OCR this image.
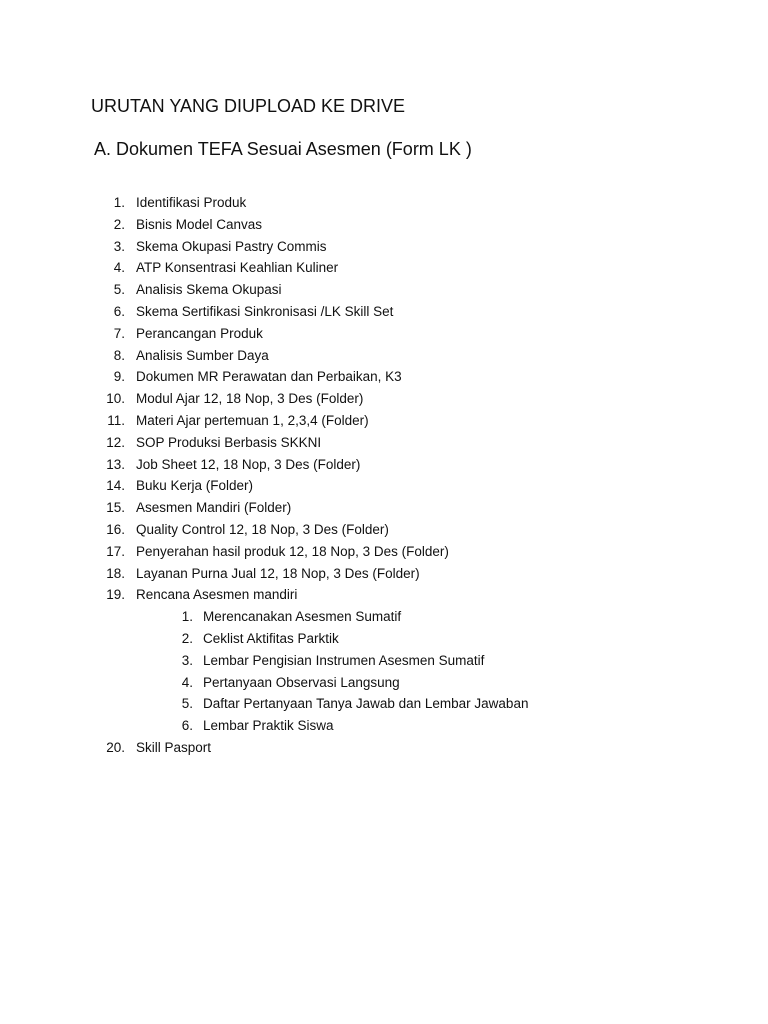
URUTAN YANG DIUPLOAD KE DRIVE
A. Dokumen TEFA Sesuai Asesmen (Form LK )
1. Identifikasi Produk
2. Bisnis Model Canvas
3. Skema Okupasi Pastry Commis
4. ATP Konsentrasi Keahlian Kuliner
5. Analisis Skema Okupasi
6. Skema Sertifikasi Sinkronisasi /LK Skill Set
7. Perancangan Produk
8. Analisis Sumber Daya
9. Dokumen MR Perawatan dan Perbaikan, K3
10. Modul Ajar 12, 18 Nop, 3 Des (Folder)
11. Materi Ajar pertemuan 1, 2,3,4 (Folder)
12. SOP Produksi Berbasis SKKNI
13. Job Sheet 12, 18 Nop, 3 Des (Folder)
14. Buku Kerja (Folder)
15. Asesmen Mandiri (Folder)
16. Quality Control 12, 18 Nop, 3 Des (Folder)
17. Penyerahan hasil produk 12, 18 Nop, 3 Des (Folder)
18. Layanan Purna Jual 12, 18 Nop, 3 Des (Folder)
19. Rencana Asesmen mandiri
1. Merencanakan Asesmen Sumatif
2. Ceklist Aktifitas Parktik
3. Lembar Pengisian Instrumen Asesmen Sumatif
4. Pertanyaan Observasi Langsung
5. Daftar Pertanyaan Tanya Jawab dan Lembar Jawaban
6. Lembar Praktik Siswa
20. Skill Pasport
